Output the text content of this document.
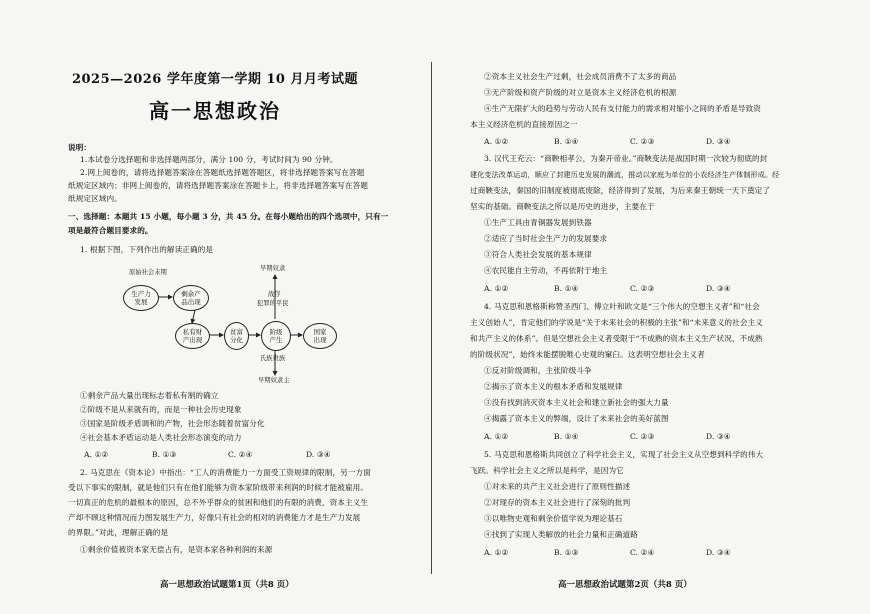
2025—2026 学年度第一学期 10 月月考试题
高一思想政治
说明：
1.本试卷分选择题和非选择题两部分，满分 100 分，考试时间为 90 分钟。
2.网上阅卷的，请将选择题答案涂在答题纸选择题答题区，将非选择题答案写在答题
纸规定区域内；非网上阅卷的，请将选择题答案涂在答题卡上，将非选择题答案写在答题
纸规定区域内。
一、选择题：本题共 15 小题，每小题 3 分，共 45 分。在每小题给出的四个选项中，只有一
项是最符合题目要求的。
1. 根据下图，下列作出的解读正确的是
原始社会末期
生产力
发展
剩余产
品出现
私有财
产出现
贫富
分化
阶级
产生
国家
出现
早期奴隶
战俘
犯罪的平民
氏族贵族
早期奴隶主
①剩余产品大量出现标志着私有制的确立
②阶级不是从来就有的，而是一种社会历史现象
③国家是阶级矛盾调和的产物，社会形态随着贫富分化
④社会基本矛盾运动是人类社会形态演变的动力
A. ①②	B. ①③	C. ②④	D. ③④
2. 马克思在《资本论》中指出：“工人的消费能力一方面受工资规律的限制，另一方面
受以下事实的限制，就是他们只有在他们能够为资本家阶级带来利润的时候才能被雇用。
一切真正的危机的最根本的原因，总不外乎群众的贫困和他们的有限的消费，资本主义生
产却不顾这种情况而力图发展生产力，好像只有社会的相对的消费能力才是生产力发展
的界限。”对此，理解正确的是
①剩余价值被资本家无偿占有，是资本家各种利润的来源
高一思想政治试题第1页（共8 页）
②资本主义社会生产过剩，社会成员消费不了太多的商品
③无产阶级和资产阶级的对立是资本主义经济危机的根源
④生产无限扩大的趋势与劳动人民有支付能力的需求相对缩小之间的矛盾是导致资
本主义经济危机的直接原因之一
A. ①②	B. ①④	C. ②③	D. ③④
3. 汉代王充云：“商鞅相孝公，为秦开帝业。”商鞅变法是战国时期一次较为彻底的封
建化变法改革运动，顺应了封建历史发展的潮流，推动以家庭为单位的小农经济生产体制形成。经
过商鞅变法，秦国的旧制度被彻底废除，经济得到了发展，为后来秦王朝统一天下奠定了
坚实的基础。商鞅变法之所以是历史的进步，主要在于
①生产工具由青铜器发展到铁器
②适应了当时社会生产力的发展要求
③符合人类社会发展的基本规律
④农民能自主劳动，不再依附于地主
A. ①②	B. ①④	C. ②③	D. ③④
4. 马克思和恩格斯称赞圣西门、傅立叶和欧文是“三个伟大的空想主义者”和“社会
主义创始人”，肯定他们的学说是“关于未来社会的积极的主张”和“未来意义的社会主义
和共产主义的体系”。但是空想社会主义者受限于“不成熟的资本主义生产状况、不成熟
的阶级状况”，始终未能摆脱唯心史观的窠臼。这表明空想社会主义者
①反对阶级调和，主张阶级斗争
②揭示了资本主义的根本矛盾和发展规律
③没有找到消灭资本主义社会和建立新社会的强大力量
④揭露了资本主义的弊端，设计了未来社会的美好蓝图
A. ①②	B. ①④	C. ②③	D. ③④
5. 马克思和恩格斯共同创立了科学社会主义，实现了社会主义从空想到科学的伟大
飞跃。科学社会主义之所以是科学，是因为它
①对未来的共产主义社会进行了原则性描述
②对现存的资本主义社会进行了深刻的批判
③以唯物史观和剩余价值学说为理论基石
④找到了实现人类解放的社会力量和正确道路
A. ①②	B. ①③	C. ②④	D. ③④
高一思想政治试题第2页（共8 页）
